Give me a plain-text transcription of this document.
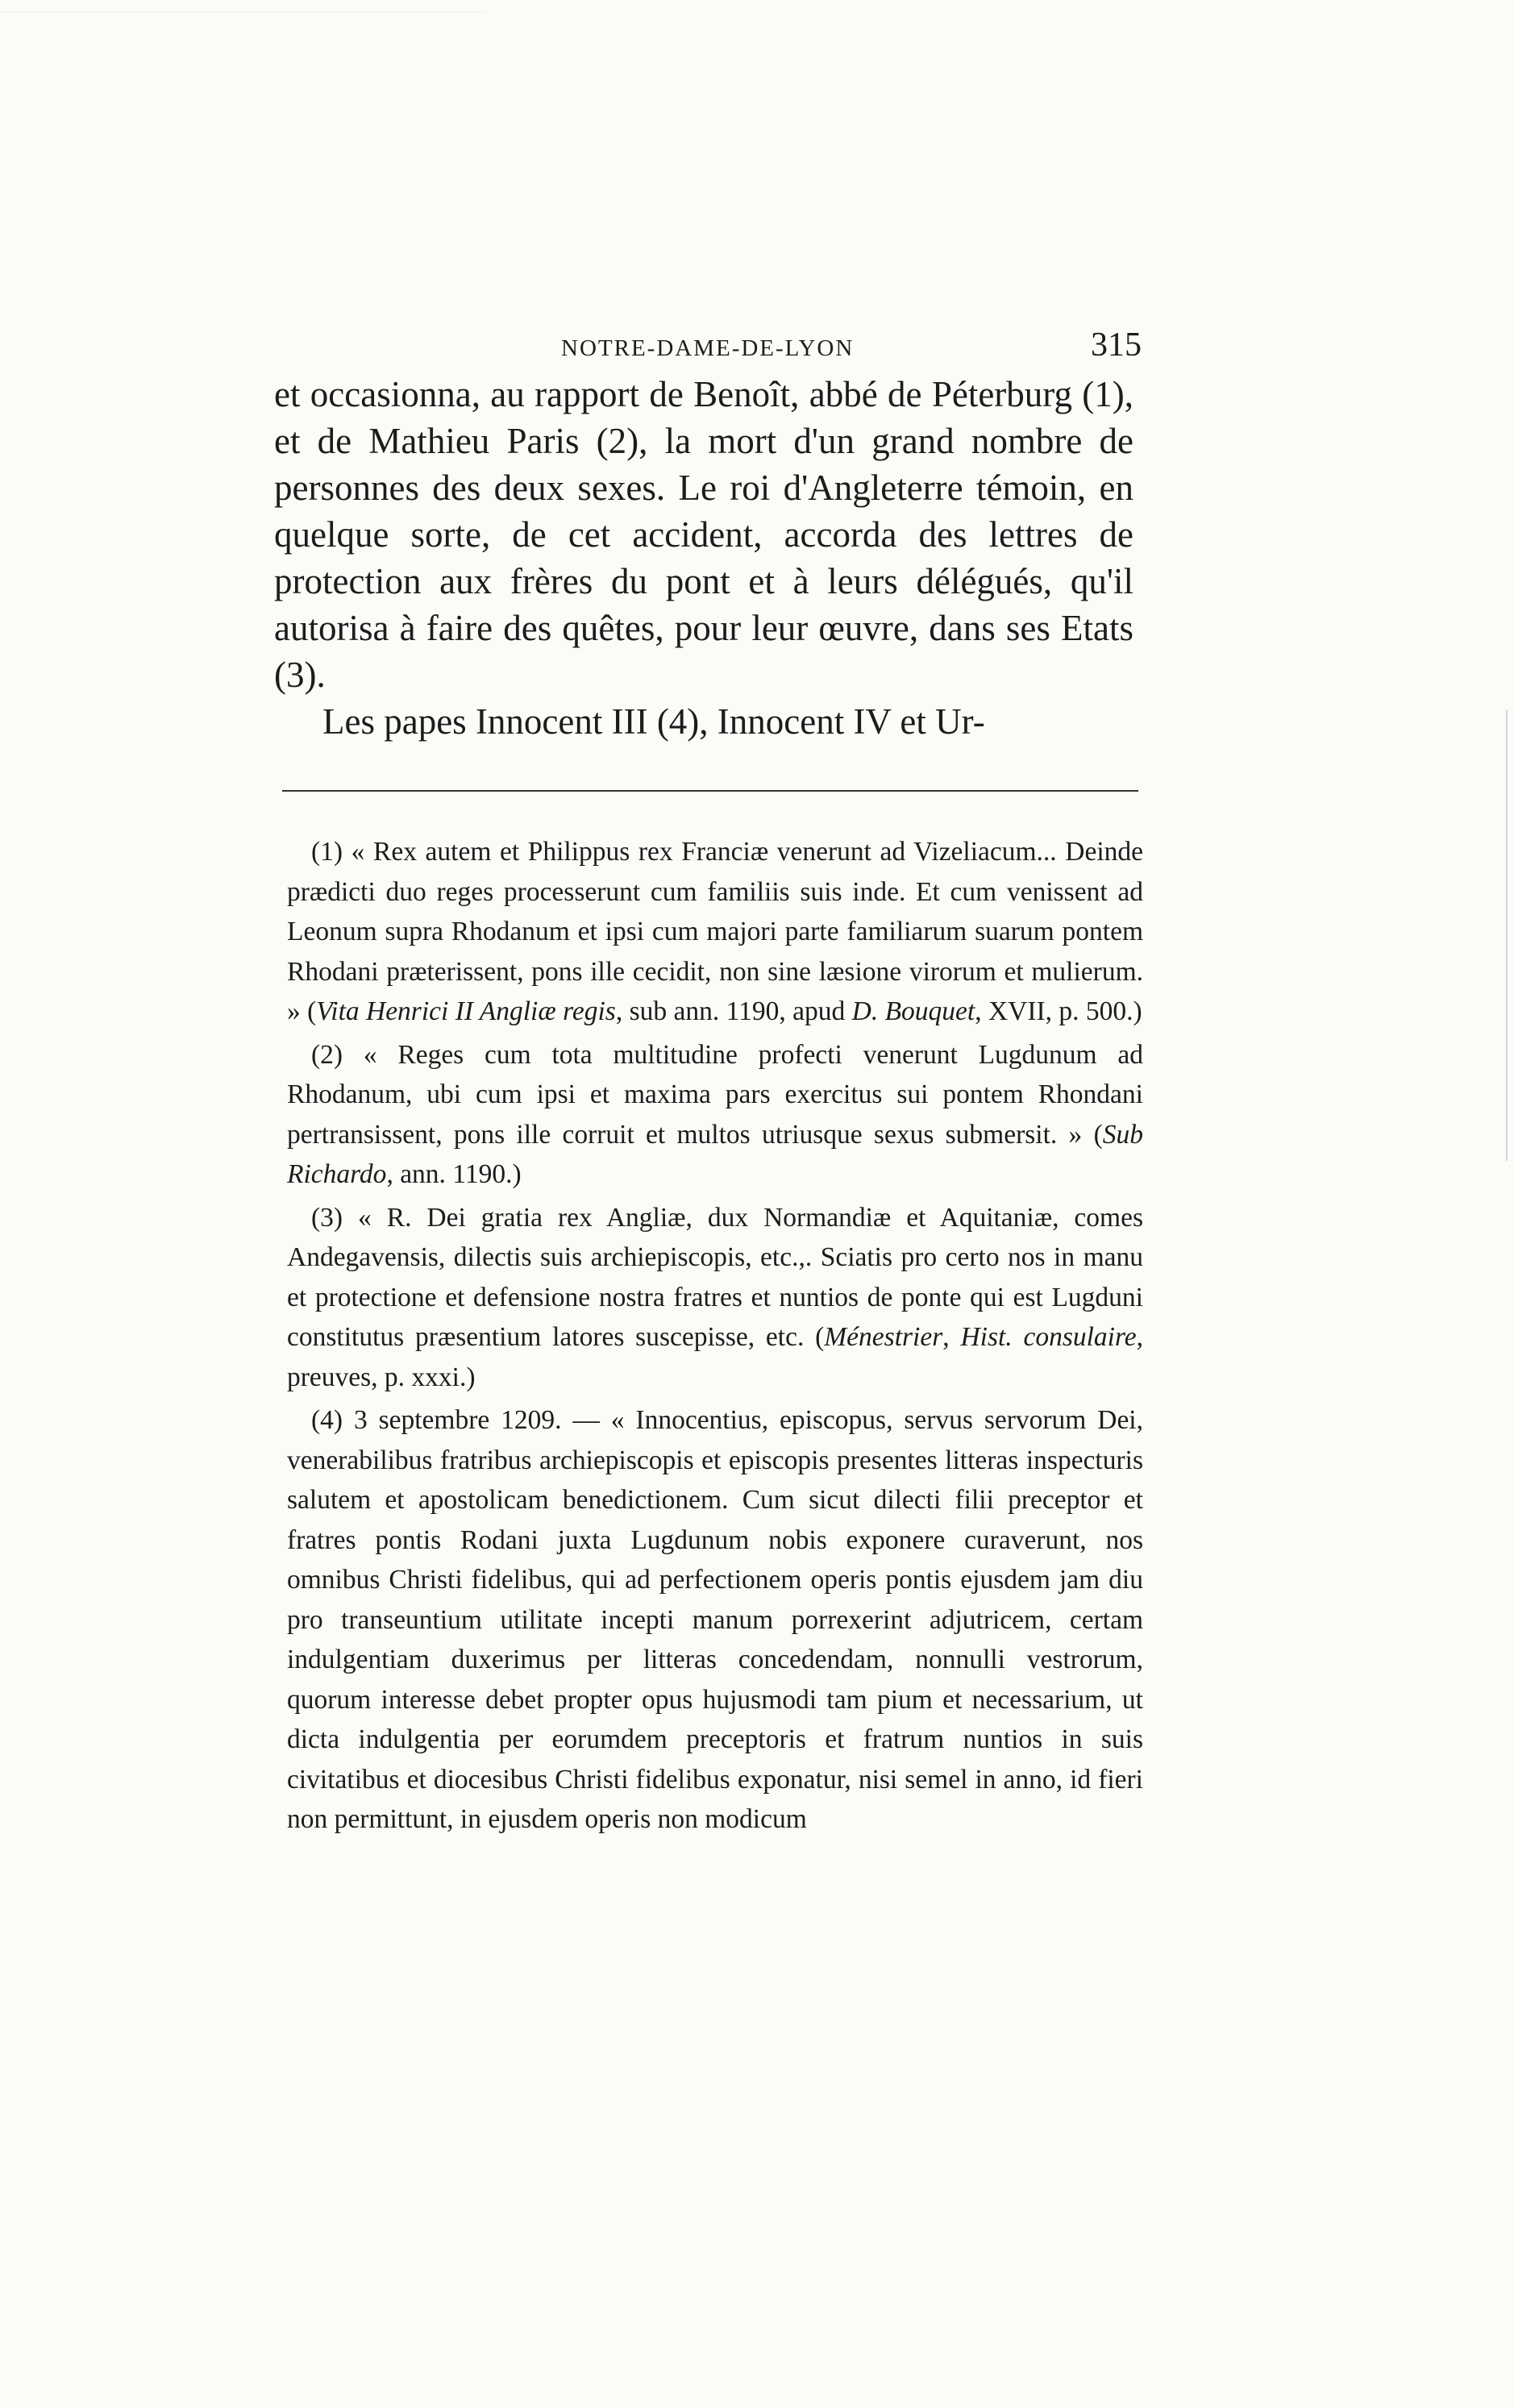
NOTRE-DAME-DE-LYON	315

et occasionna, au rapport de Benoît, abbé de Péterburg (1), et de Mathieu Paris (2), la mort d'un grand nombre de personnes des deux sexes. Le roi d'Angleterre témoin, en quelque sorte, de cet accident, accorda des lettres de protection aux frères du pont et à leurs délégués, qu'il autorisa à faire des quêtes, pour leur œuvre, dans ses Etats (3).

Les papes Innocent III (4), Innocent IV et Ur-

(1) « Rex autem et Philippus rex Franciæ venerunt ad Vizeliacum... Deinde prædicti duo reges processerunt cum familiis suis inde. Et cum venissent ad Leonum supra Rhodanum et ipsi cum majori parte familiarum suarum pontem Rhodani præterissent, pons ille cecidit, non sine læsione virorum et mulierum. » (Vita Henrici II Angliæ regis, sub ann. 1190, apud D. Bouquet, XVII, p. 500.)

(2) « Reges cum tota multitudine profecti venerunt Lugdunum ad Rhodanum, ubi cum ipsi et maxima pars exercitus sui pontem Rhondani pertransissent, pons ille corruit et multos utriusque sexus submersit. » (Sub Richardo, ann. 1190.)

(3) « R. Dei gratia rex Angliæ, dux Normandiæ et Aquitaniæ, comes Andegavensis, dilectis suis archiepiscopis, etc.,. Sciatis pro certo nos in manu et protectione et defensione nostra fratres et nuntios de ponte qui est Lugduni constitutus præsentium latores suscepisse, etc. (Ménestrier, Hist. consulaire, preuves, p. xxxi.)

(4) 3 septembre 1209. — « Innocentius, episcopus, servus servorum Dei, venerabilibus fratribus archiepiscopis et episcopis presentes litteras inspecturis salutem et apostolicam benedictionem. Cum sicut dilecti filii preceptor et fratres pontis Rodani juxta Lugdunum nobis exponere curaverunt, nos omnibus Christi fidelibus, qui ad perfectionem operis pontis ejusdem jam diu pro transeuntium utilitate incepti manum porrexerint adjutricem, certam indulgentiam duxerimus per litteras concedendam, nonnulli vestrorum, quorum interesse debet propter opus hujusmodi tam pium et necessarium, ut dicta indulgentia per eorumdem preceptoris et fratrum nuntios in suis civitatibus et diocesibus Christi fidelibus exponatur, nisi semel in anno, id fieri non permittunt, in ejusdem operis non modicum
